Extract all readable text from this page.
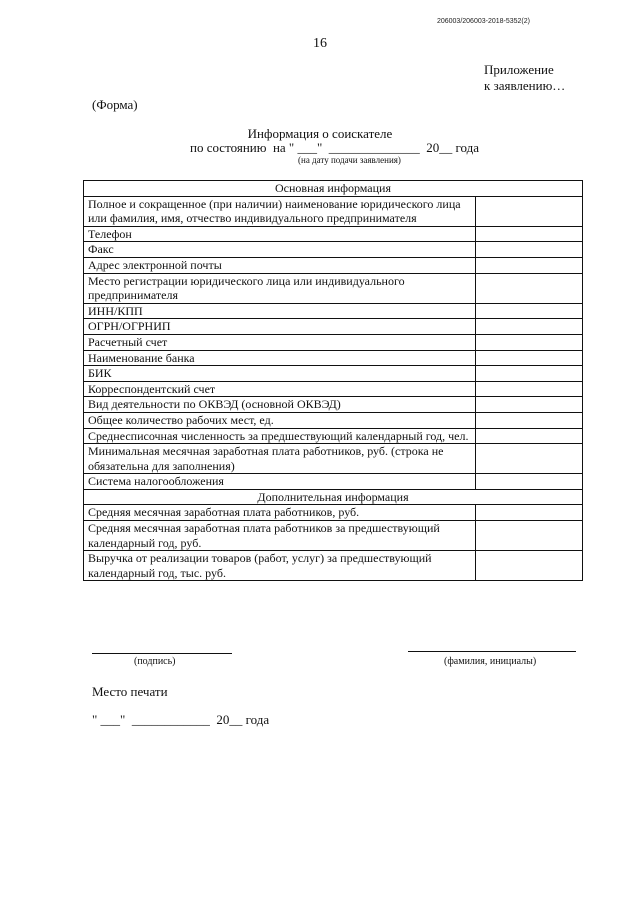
206003/206003-2018-5352(2)
16
Приложение
к заявлению…
(Форма)
Информация о соискателе
по состоянию  на " ___"  ______________  20__ года
(на дату подачи заявления)
Основная информация	
Полное и сокращенное (при наличии) наименование юридического лица или фамилия, имя, отчество индивидуального предпринимателя	
Телефон	
Факс	
Адрес электронной почты	
Место регистрации юридического лица или индивидуального предпринимателя	
ИНН/КПП	
ОГРН/ОГРНИП	
Расчетный счет	
Наименование банка	
БИК	
Корреспондентский счет	
Вид деятельности по ОКВЭД (основной ОКВЭД)	
Общее количество рабочих мест, ед.	
Среднесписочная численность за предшествующий календарный год, чел.	
Минимальная месячная заработная плата работников, руб. (строка не обязательна для заполнения)	
Система налогообложения	
Дополнительная информация	
Средняя месячная заработная плата работников, руб.	
Средняя месячная заработная плата работников за предшествующий календарный год, руб.	
Выручка от реализации товаров (работ, услуг) за предшествующий календарный год, тыс. руб.	
(подпись)	(фамилия, инициалы)
Место печати
" ___"  ____________  20__ года
